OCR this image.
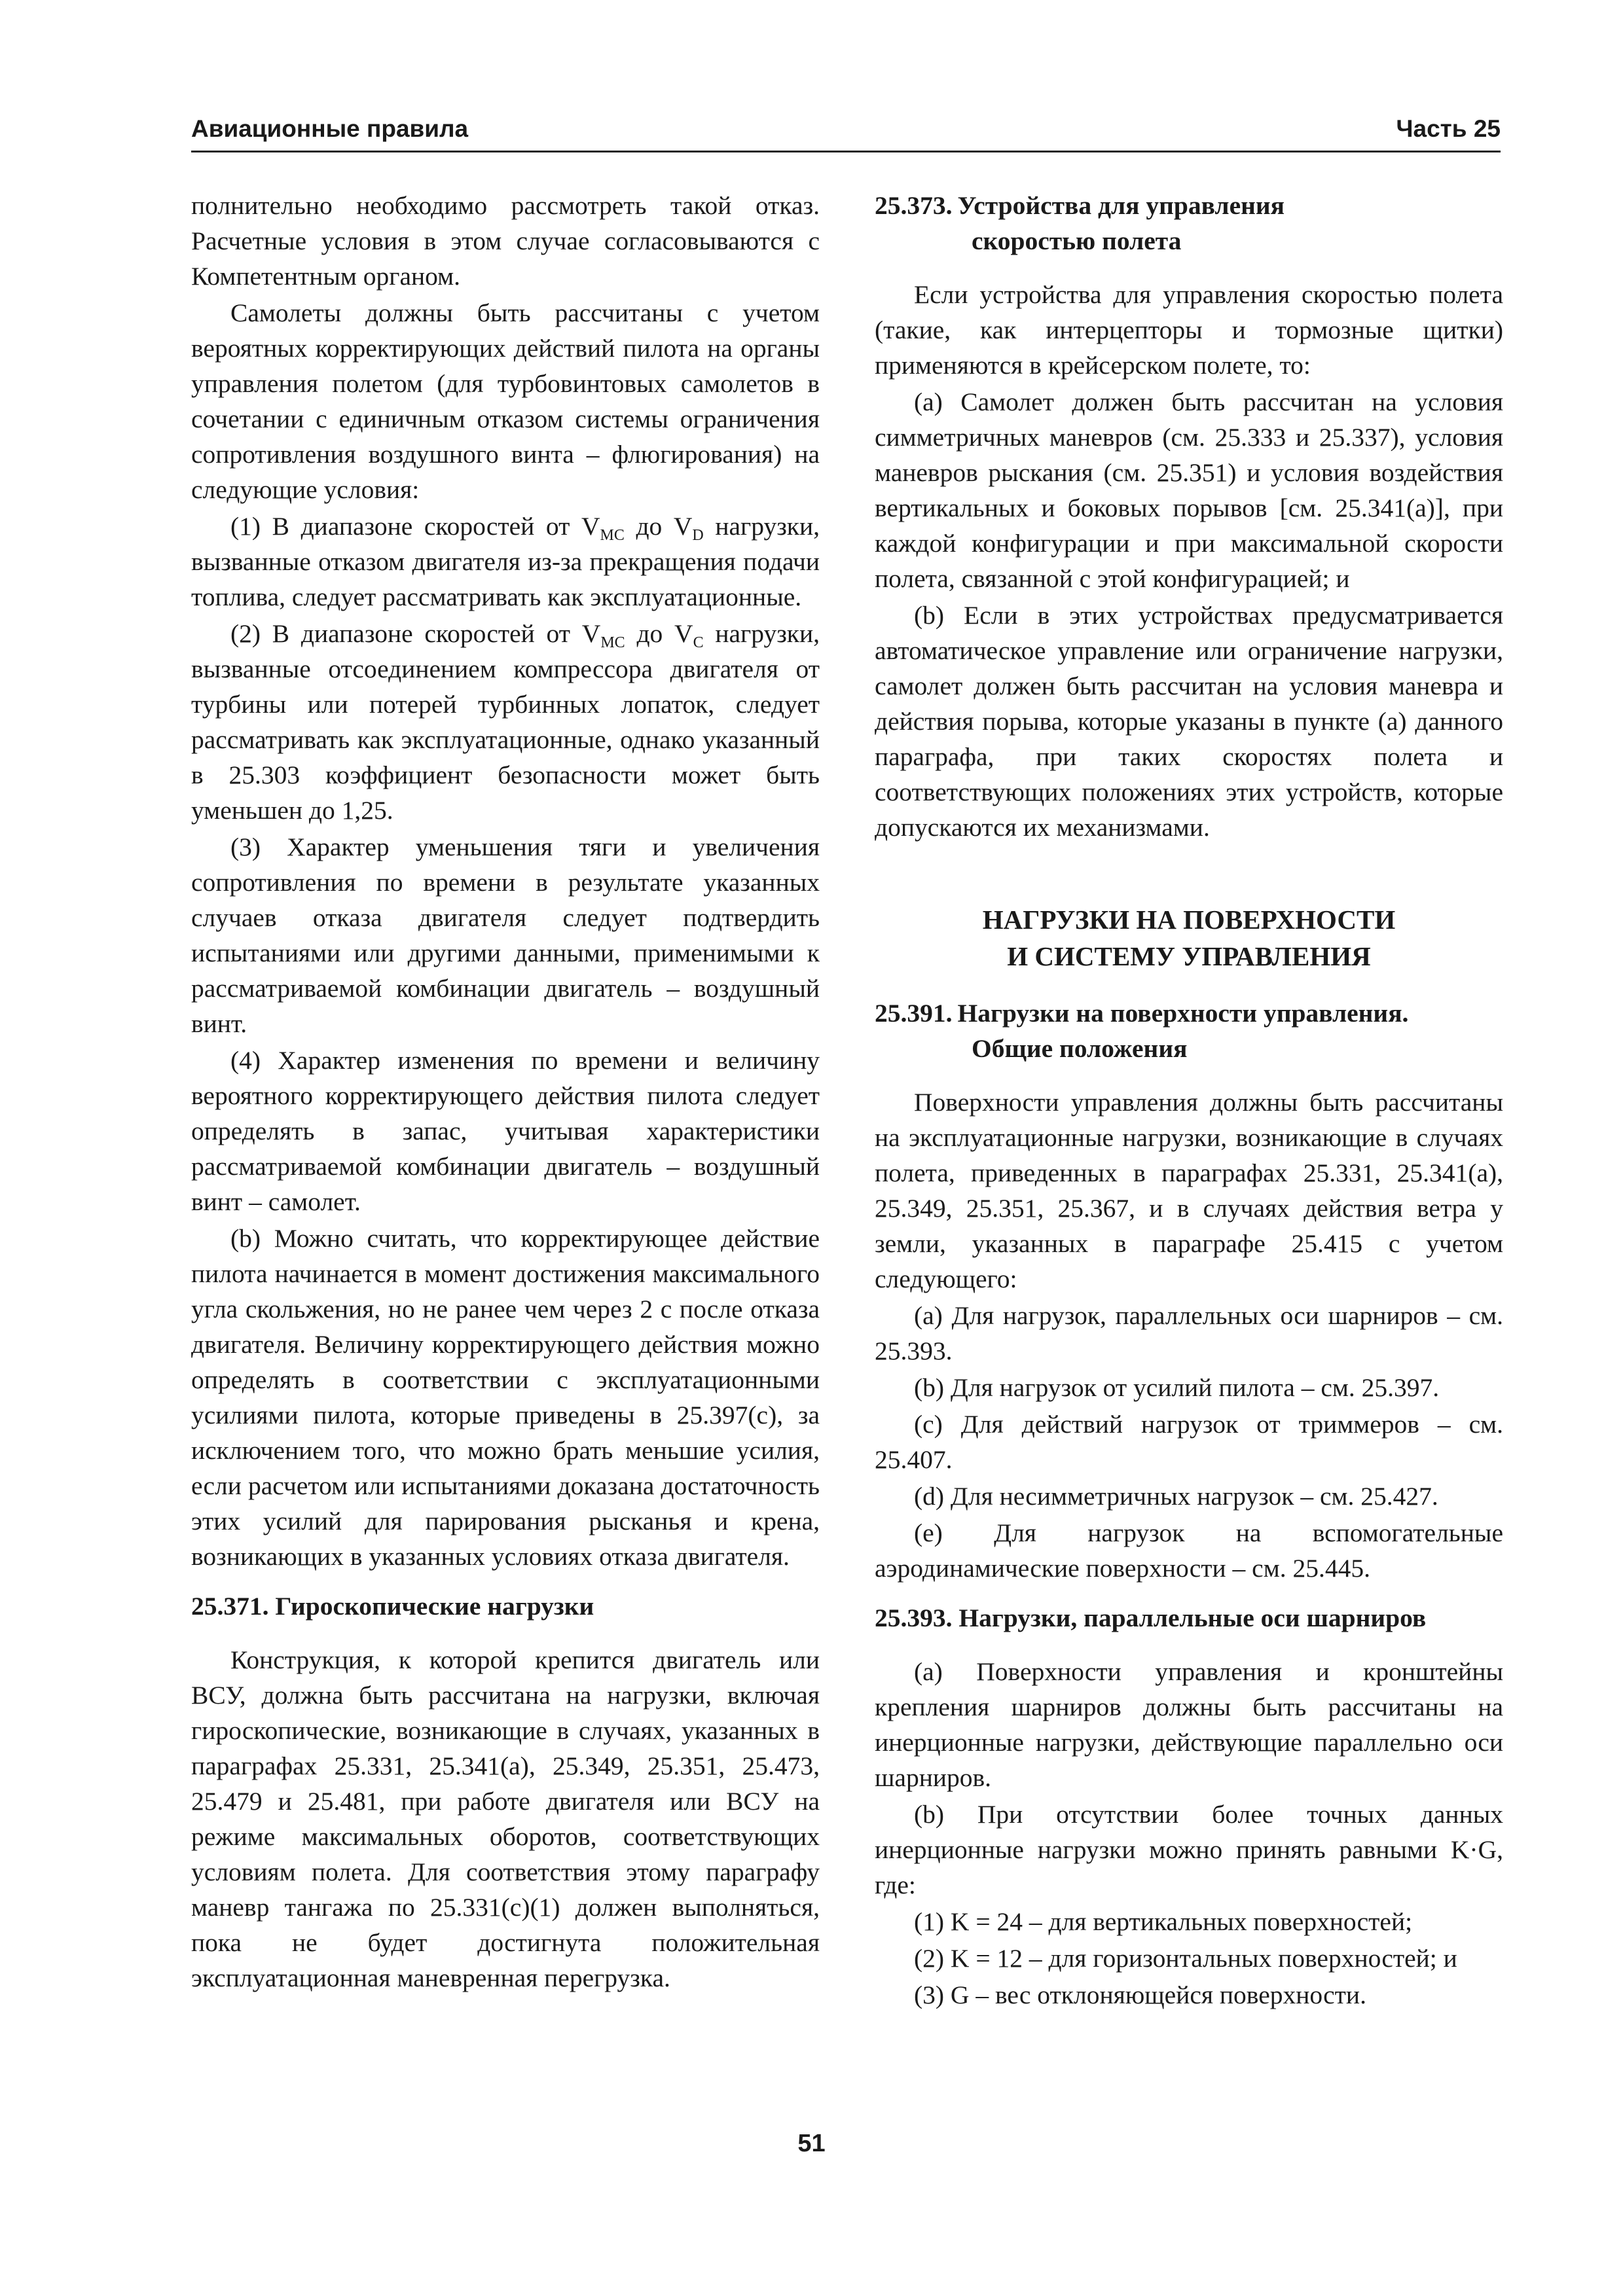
Авиационные правила	Часть 25

полнительно необходимо рассмотреть такой отказ. Расчетные условия в этом случае согласовываются с Компетентным органом.

Самолеты должны быть рассчитаны с учетом вероятных корректирующих действий пилота на органы управления полетом (для турбовинтовых самолетов в сочетании с единичным отказом системы ограничения сопротивления воздушного винта – флюгирования) на следующие условия:

(1) В диапазоне скоростей от $V_{MC}$ до $V_D$ нагрузки, вызванные отказом двигателя из-за прекращения подачи топлива, следует рассматривать как эксплуатационные.

(2) В диапазоне скоростей от $V_{MC}$ до $V_C$ нагрузки, вызванные отсоединением компрессора двигателя от турбины или потерей турбинных лопаток, следует рассматривать как эксплуатационные, однако указанный в 25.303 коэффициент безопасности может быть уменьшен до 1,25.

(3) Характер уменьшения тяги и увеличения сопротивления по времени в результате указанных случаев отказа двигателя следует подтвердить испытаниями или другими данными, применимыми к рассматриваемой комбинации двигатель – воздушный винт.

(4) Характер изменения по времени и величину вероятного корректирующего действия пилота следует определять в запас, учитывая характеристики рассматриваемой комбинации двигатель – воздушный винт – самолет.

(b) Можно считать, что корректирующее действие пилота начинается в момент достижения максимального угла скольжения, но не ранее чем через 2 с после отказа двигателя. Величину корректирующего действия можно определять в соответствии с эксплуатационными усилиями пилота, которые приведены в 25.397(с), за исключением того, что можно брать меньшие усилия, если расчетом или испытаниями доказана достаточность этих усилий для парирования рысканья и крена, возникающих в указанных условиях отказа двигателя.

25.371. Гироскопические нагрузки

Конструкция, к которой крепится двигатель или ВСУ, должна быть рассчитана на нагрузки, включая гироскопические, возникающие в случаях, указанных в параграфах 25.331, 25.341(a), 25.349, 25.351, 25.473, 25.479 и 25.481, при работе двигателя или ВСУ на режиме максимальных оборотов, соответствующих условиям полета. Для соответствия этому параграфу маневр тангажа по 25.331(c)(1) должен выполняться, пока не будет достигнута положительная эксплуатационная маневренная перегрузка.

25.373. Устройства для управления
скоростью полета

Если устройства для управления скоростью полета (такие, как интерцепторы и тормозные щитки) применяются в крейсерском полете, то:

(а) Самолет должен быть рассчитан на условия симметричных маневров (см. 25.333 и 25.337), условия маневров рыскания (см. 25.351) и условия воздействия вертикальных и боковых порывов [см. 25.341(a)], при каждой конфигурации и при максимальной скорости полета, связанной с этой конфигурацией; и

(b) Если в этих устройствах предусматривается автоматическое управление или ограничение нагрузки, самолет должен быть рассчитан на условия маневра и действия порыва, которые указаны в пункте (а) данного параграфа, при таких скоростях полета и соответствующих положениях этих устройств, которые допускаются их механизмами.

НАГРУЗКИ НА ПОВЕРХНОСТИ
И СИСТЕМУ УПРАВЛЕНИЯ
25.391. Нагрузки на поверхности управления.
Общие положения

Поверхности управления должны быть рассчитаны на эксплуатационные нагрузки, возникающие в случаях полета, приведенных в параграфах 25.331, 25.341(a), 25.349, 25.351, 25.367, и в случаях действия ветра у земли, указанных в параграфе 25.415 с учетом следующего:

(а) Для нагрузок, параллельных оси шарниров – см. 25.393.

(b) Для нагрузок от усилий пилота – см. 25.397.

(c) Для действий нагрузок от триммеров – см. 25.407.

(d) Для несимметричных нагрузок – см. 25.427.

(e) Для нагрузок на вспомогательные аэродинамические поверхности – см. 25.445.

25.393. Нагрузки, параллельные оси шарниров

(a) Поверхности управления и кронштейны крепления шарниров должны быть рассчитаны на инерционные нагрузки, действующие параллельно оси шарниров.

(b) При отсутствии более точных данных инерционные нагрузки можно принять равными K·G, где:

(1) K = 24 – для вертикальных поверхностей;

(2) K = 12 – для горизонтальных поверхностей; и

(3) G – вес отклоняющейся поверхности.

51
